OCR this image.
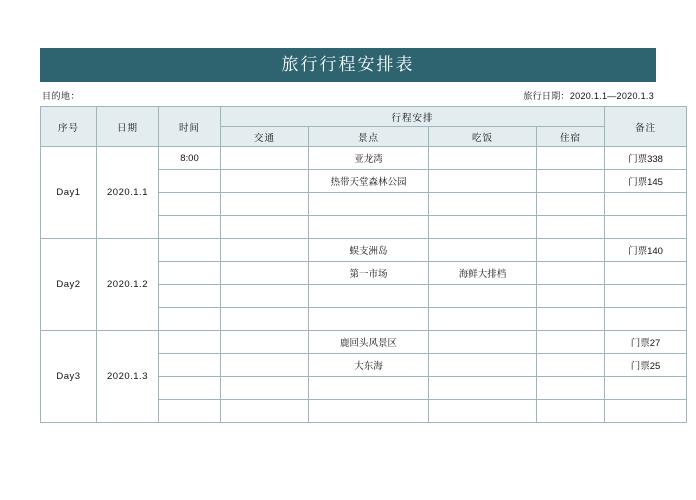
旅行行程安排表
目的地：	旅行日期：2020.1.1—2020.1.3
序号	日期	时间	行程安排				备注
			交通	景点	吃饭	住宿	
Day1	2020.1.1	8:00		亚龙湾			门票338
				热带天堂森林公园			门票145

Day2	2020.1.2			蜈支洲岛			门票140
				第一市场	海鲜大排档		

Day3	2020.1.3			鹿回头风景区			门票27
				大东海			门票25
